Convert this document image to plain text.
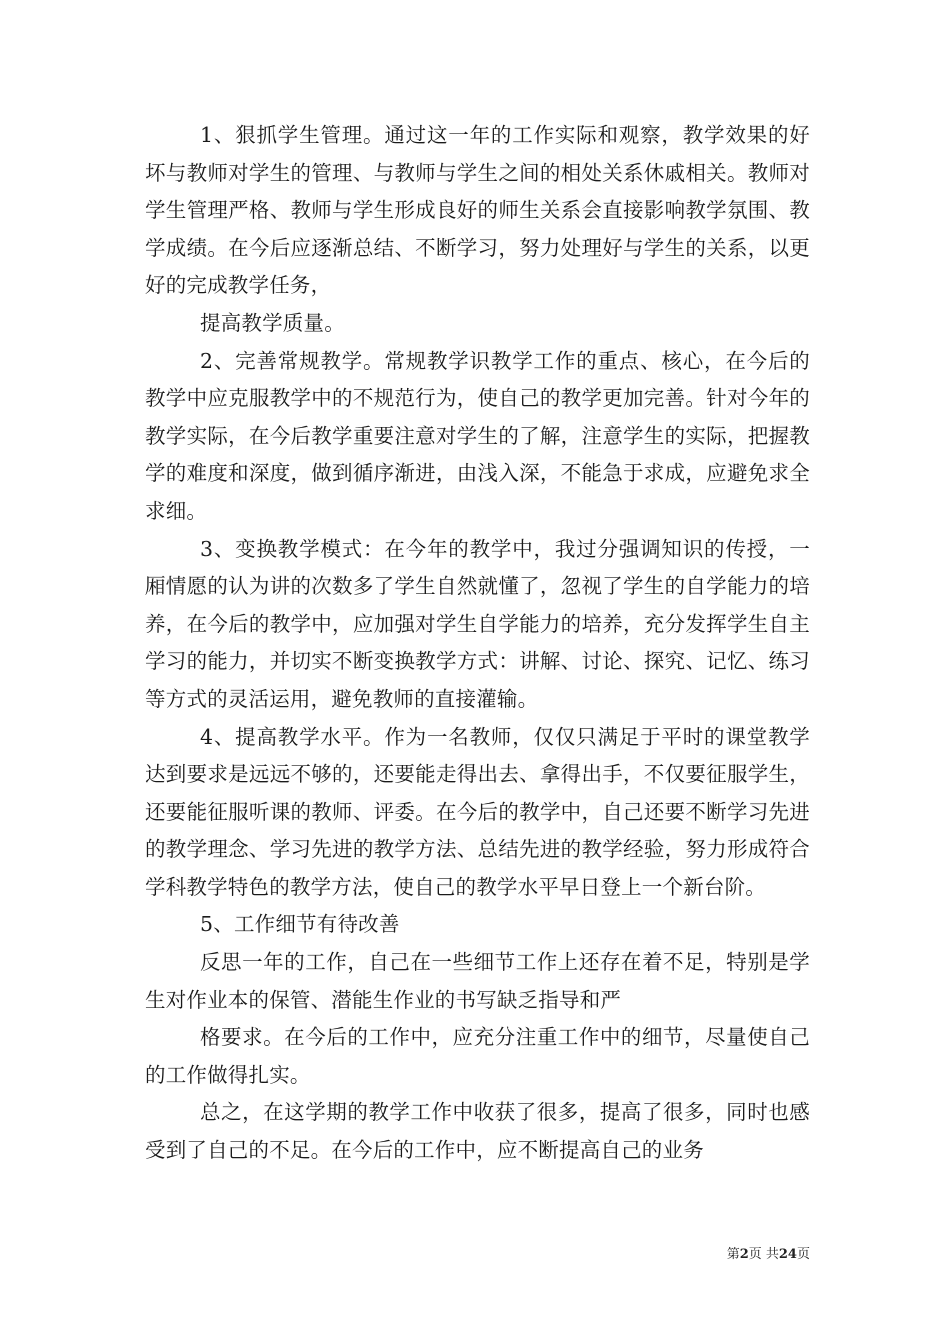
1、狠抓学生管理。通过这一年的工作实际和观察，教学效果的好坏与教师对学生的管理、与教师与学生之间的相处关系休戚相关。教师对学生管理严格、教师与学生形成良好的师生关系会直接影响教学氛围、教学成绩。在今后应逐渐总结、不断学习，努力处理好与学生的关系，以更好的完成教学任务，

提高教学质量。

2、完善常规教学。常规教学识教学工作的重点、核心，在今后的教学中应克服教学中的不规范行为，使自己的教学更加完善。针对今年的教学实际，在今后教学重要注意对学生的了解，注意学生的实际，把握教学的难度和深度，做到循序渐进，由浅入深，不能急于求成，应避免求全求细。

3、变换教学模式：在今年的教学中，我过分强调知识的传授，一厢情愿的认为讲的次数多了学生自然就懂了，忽视了学生的自学能力的培养，在今后的教学中，应加强对学生自学能力的培养，充分发挥学生自主学习的能力，并切实不断变换教学方式：讲解、讨论、探究、记忆、练习等方式的灵活运用，避免教师的直接灌输。

4、提高教学水平。作为一名教师，仅仅只满足于平时的课堂教学达到要求是远远不够的，还要能走得出去、拿得出手，不仅要征服学生，还要能征服听课的教师、评委。在今后的教学中，自己还要不断学习先进的教学理念、学习先进的教学方法、总结先进的教学经验，努力形成符合学科教学特色的教学方法，使自己的教学水平早日登上一个新台阶。

5、工作细节有待改善

反思一年的工作，自己在一些细节工作上还存在着不足，特别是学生对作业本的保管、潜能生作业的书写缺乏指导和严

格要求。在今后的工作中，应充分注重工作中的细节，尽量使自己的工作做得扎实。

总之，在这学期的教学工作中收获了很多，提高了很多，同时也感受到了自己的不足。在今后的工作中，应不断提高自己的业务

第2页 共24页
